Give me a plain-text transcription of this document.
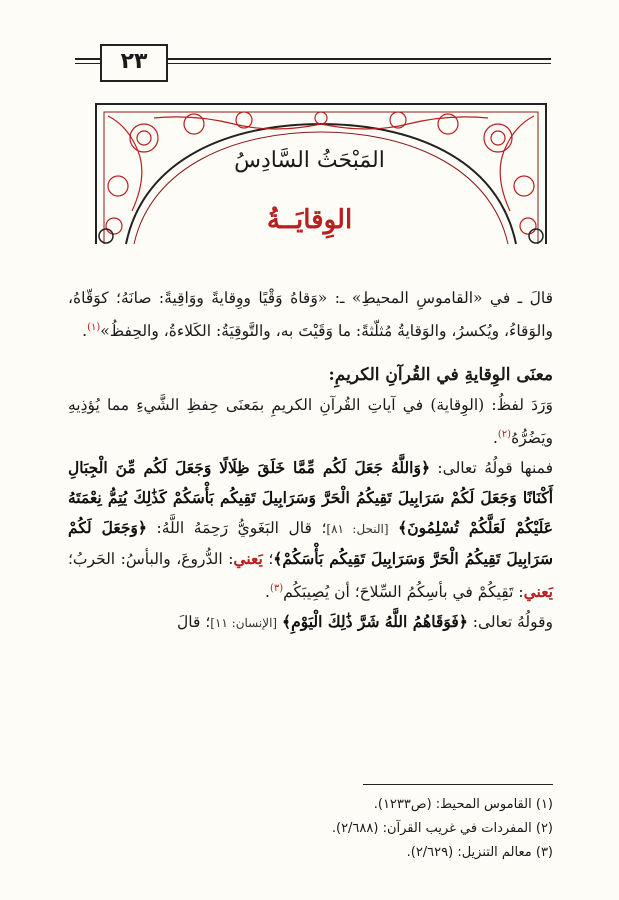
٢٣
المَبْحَثُ السَّادِسُ
الوِقايَــةُ

قالَ ـ في «القاموسِ المحيطِ» ـ: «وَقاهُ وَقْيًا ووِقايةً ووَاقِيةً: صانَهُ؛ كوَقّاهُ، والوَقاءُ، ويُكسرُ، والوَقايةُ مُثلّثةً: ما وَقَيْتَ به، والتَّوقِيَةُ: الكَلاءةُ، والحِفظُ»$^{(١)}$.

معنَى الوِقايةِ في القُرآنِ الكريمِ:

وَرَدَ لفظُ: (الوِقاية) في آياتِ القُرآنِ الكريمِ بمَعنَى حِفظِ الشَّيءِ مما يُؤذِيهِ ويَضُرُّهُ$^{(٢)}$.

فمنها قولُهُ تعالى: ﴿وَاللَّهُ جَعَلَ لَكُم مِّمَّا خَلَقَ ظِلَالًا وَجَعَلَ لَكُم مِّنَ الْجِبَالِ أَكْنَانًا وَجَعَلَ لَكُمْ سَرَابِيلَ تَقِيكُمُ الْحَرَّ وَسَرَابِيلَ تَقِيكُم بَأْسَكُمْ كَذَٰلِكَ يُتِمُّ نِعْمَتَهُ عَلَيْكُمْ لَعَلَّكُمْ تُسْلِمُونَ﴾ [النحل: ٨١]؛ قال البَغَويُّ رَحِمَهُ اللَّهُ: ﴿وَجَعَلَ لَكُمْ سَرَابِيلَ تَقِيكُمُ الْحَرَّ وَسَرَابِيلَ تَقِيكُم بَأْسَكُمْ﴾؛ يَعني: الدُّروعَ، والبأسُ: الحَربُ؛ يَعني: تَقِيكُمْ في بأسِكُمُ السِّلاحَ؛ أن يُصِيبَكُم$^{(٣)}$.

وقولُهُ تعالى: ﴿فَوَقَاهُمُ اللَّهُ شَرَّ ذَٰلِكَ الْيَوْمِ﴾ [الإنسان: ١١]؛ قالَ

(١) القاموس المحيط: (ص١٢٣٣).
(٢) المفردات في غريب القرآن: (٢/٦٨٨).
(٣) معالم التنزيل: (٢/٦٢٩).
